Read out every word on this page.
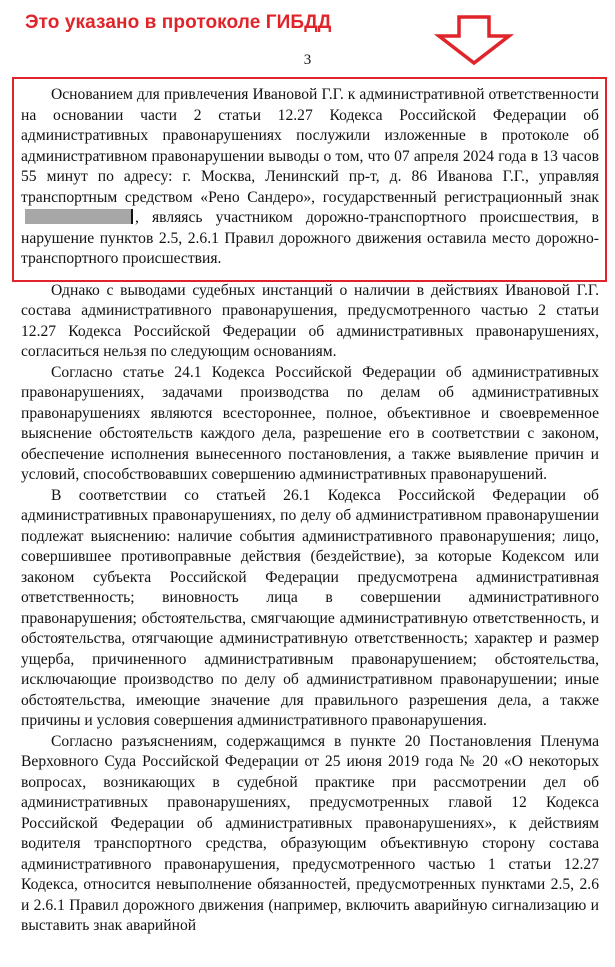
Это указано в протоколе ГИБДД
3

Основанием для привлечения Ивановой Г.Г. к административной ответственности на основании части 2 статьи 12.27 Кодекса Российской Федерации об административных правонарушениях послужили изложенные в протоколе об административном правонарушении выводы о том, что 07 апреля 2024 года в 13 часов 55 минут по адресу: г. Москва, Ленинский пр-т, д. 86 Иванова Г.Г., управляя транспортным средством «Рено Сандеро», государственный регистрационный знак, являясь участником дорожно-транспортного происшествия, в нарушение пунктов 2.5, 2.6.1 Правил дорожного движения оставила место дорожно-транспортного происшествия.

Однако с выводами судебных инстанций о наличии в действиях Ивановой Г.Г. состава административного правонарушения, предусмотренного частью 2 статьи 12.27 Кодекса Российской Федерации об административных правонарушениях, согласиться нельзя по следующим основаниям.

Согласно статье 24.1 Кодекса Российской Федерации об административных правонарушениях, задачами производства по делам об административных правонарушениях являются всестороннее, полное, объективное и своевременное выяснение обстоятельств каждого дела, разрешение его в соответствии с законом, обеспечение исполнения вынесенного постановления, а также выявление причин и условий, способствовавших совершению административных правонарушений.

В соответствии со статьей 26.1 Кодекса Российской Федерации об административных правонарушениях, по делу об административном правонарушении подлежат выяснению: наличие события административного правонарушения; лицо, совершившее противоправные действия (бездействие), за которые Кодексом или законом субъекта Российской Федерации предусмотрена административная ответственность; виновность лица в совершении административного правонарушения; обстоятельства, смягчающие административную ответственность, и обстоятельства, отягчающие административную ответственность; характер и размер ущерба, причиненного административным правонарушением; обстоятельства, исключающие производство по делу об административном правонарушении; иные обстоятельства, имеющие значение для правильного разрешения дела, а также причины и условия совершения административного правонарушения.

Согласно разъяснениям, содержащимся в пункте 20 Постановления Пленума Верховного Суда Российской Федерации от 25 июня 2019 года № 20 «О некоторых вопросах, возникающих в судебной практике при рассмотрении дел об административных правонарушениях, предусмотренных главой 12 Кодекса Российской Федерации об административных правонарушениях», к действиям водителя транспортного средства, образующим объективную сторону состава административного правонарушения, предусмотренного частью 1 статьи 12.27 Кодекса, относится невыполнение обязанностей, предусмотренных пунктами 2.5, 2.6 и 2.6.1 Правил дорожного движения (например, включить аварийную сигнализацию и выставить знак аварийной
